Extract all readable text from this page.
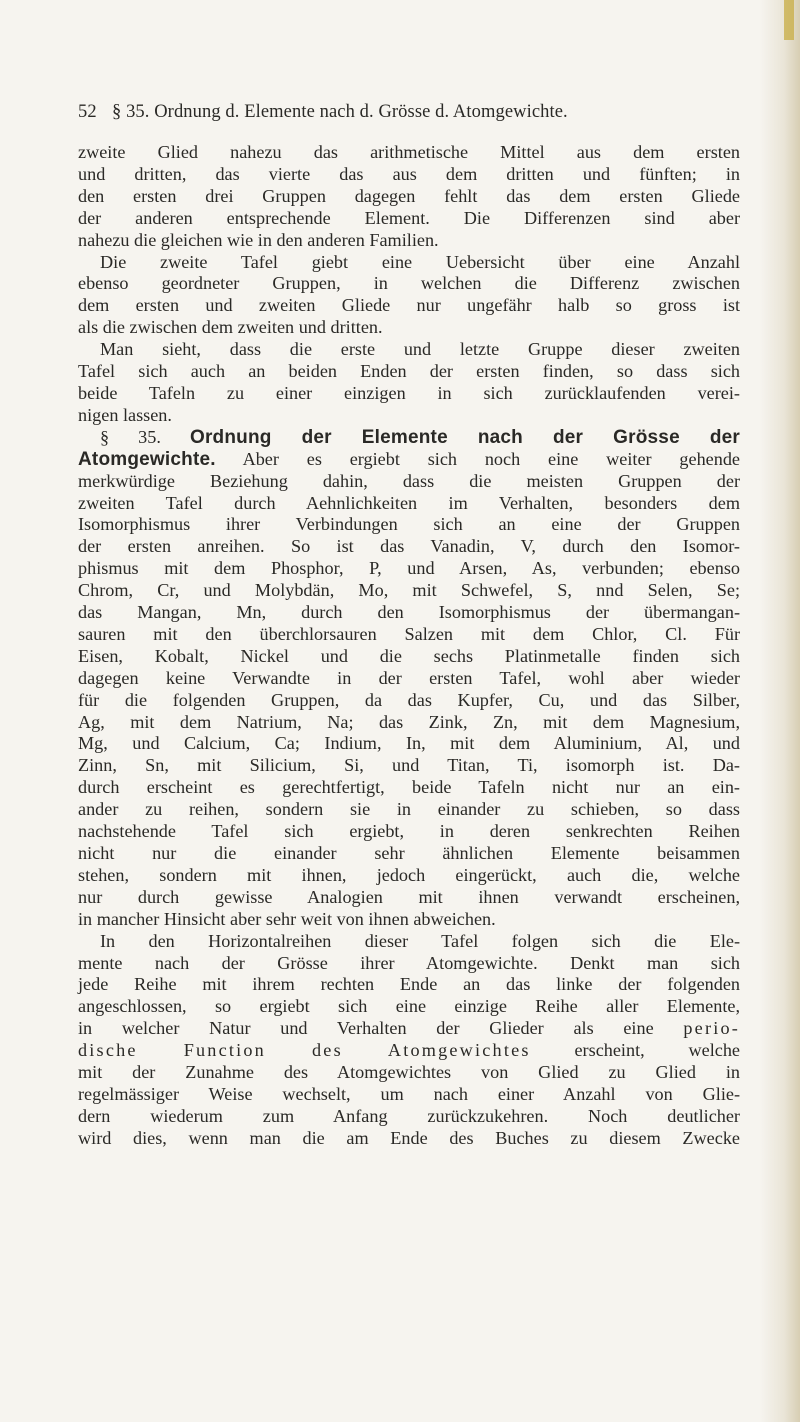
52 § 35. Ordnung d. Elemente nach d. Grösse d. Atomgewichte.

zweite Glied nahezu das arithmetische Mittel aus dem ersten
und dritten, das vierte das aus dem dritten und fünften; in
den ersten drei Gruppen dagegen fehlt das dem ersten Gliede
der anderen entsprechende Element. Die Differenzen sind aber
nahezu die gleichen wie in den anderen Familien.

Die zweite Tafel giebt eine Uebersicht über eine Anzahl
ebenso geordneter Gruppen, in welchen die Differenz zwischen
dem ersten und zweiten Gliede nur ungefähr halb so gross ist
als die zwischen dem zweiten und dritten.

Man sieht, dass die erste und letzte Gruppe dieser zweiten
Tafel sich auch an beiden Enden der ersten finden, so dass sich
beide Tafeln zu einer einzigen in sich zurücklaufenden verei-
nigen lassen.

§ 35. Ordnung der Elemente nach der Grösse der
Atomgewichte. Aber es ergiebt sich noch eine weiter gehende
merkwürdige Beziehung dahin, dass die meisten Gruppen der
zweiten Tafel durch Aehnlichkeiten im Verhalten, besonders dem
Isomorphismus ihrer Verbindungen sich an eine der Gruppen
der ersten anreihen. So ist das Vanadin, V, durch den Isomor-
phismus mit dem Phosphor, P, und Arsen, As, verbunden; ebenso
Chrom, Cr, und Molybdän, Mo, mit Schwefel, S, nnd Selen, Se;
das Mangan, Mn, durch den Isomorphismus der übermangan-
sauren mit den überchlorsauren Salzen mit dem Chlor, Cl. Für
Eisen, Kobalt, Nickel und die sechs Platinmetalle finden sich
dagegen keine Verwandte in der ersten Tafel, wohl aber wieder
für die folgenden Gruppen, da das Kupfer, Cu, und das Silber,
Ag, mit dem Natrium, Na; das Zink, Zn, mit dem Magnesium,
Mg, und Calcium, Ca; Indium, In, mit dem Aluminium, Al, und
Zinn, Sn, mit Silicium, Si, und Titan, Ti, isomorph ist. Da-
durch erscheint es gerechtfertigt, beide Tafeln nicht nur an ein-
ander zu reihen, sondern sie in einander zu schieben, so dass
nachstehende Tafel sich ergiebt, in deren senkrechten Reihen
nicht nur die einander sehr ähnlichen Elemente beisammen
stehen, sondern mit ihnen, jedoch eingerückt, auch die, welche
nur durch gewisse Analogien mit ihnen verwandt erscheinen,
in mancher Hinsicht aber sehr weit von ihnen abweichen.

In den Horizontalreihen dieser Tafel folgen sich die Ele-
mente nach der Grösse ihrer Atomgewichte. Denkt man sich
jede Reihe mit ihrem rechten Ende an das linke der folgenden
angeschlossen, so ergiebt sich eine einzige Reihe aller Elemente,
in welcher Natur und Verhalten der Glieder als eine perio-
dische Function des Atomgewichtes erscheint, welche
mit der Zunahme des Atomgewichtes von Glied zu Glied in
regelmässiger Weise wechselt, um nach einer Anzahl von Glie-
dern wiederum zum Anfang zurückzukehren. Noch deutlicher
wird dies, wenn man die am Ende des Buches zu diesem Zwecke
